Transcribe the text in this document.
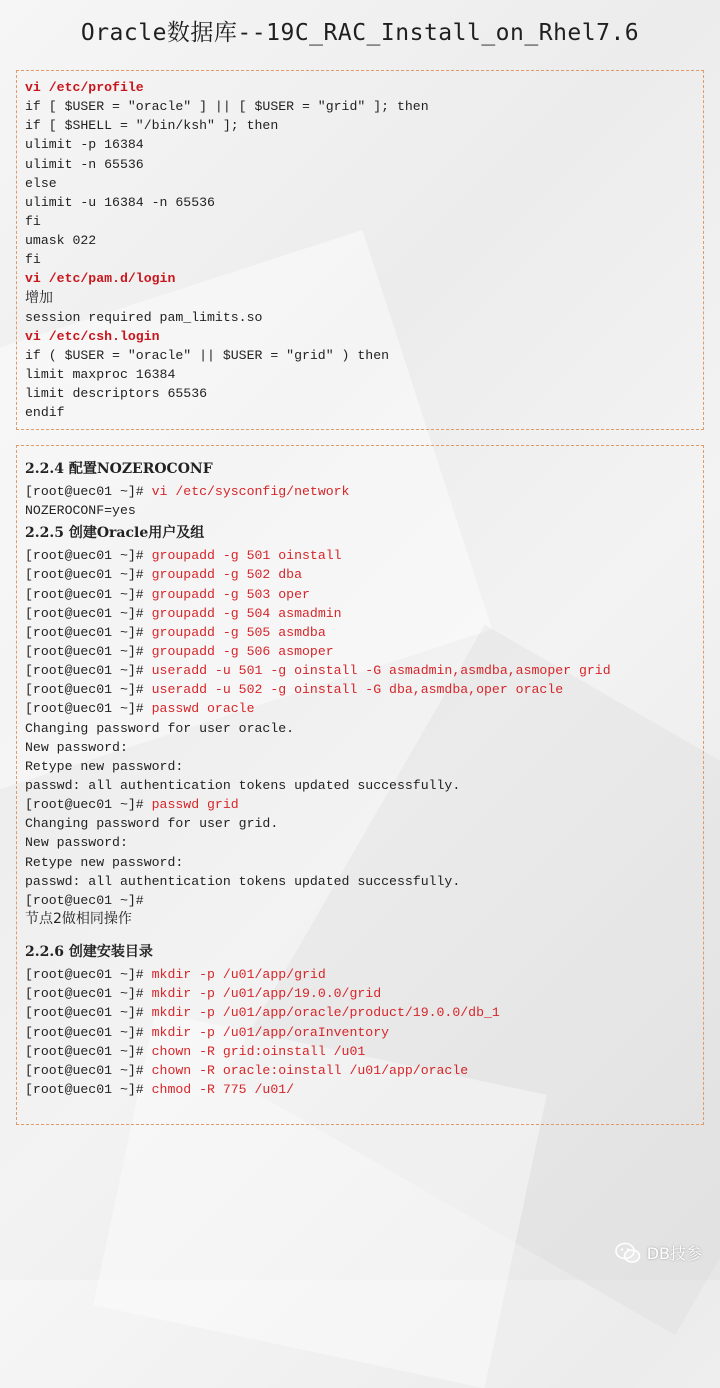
Oracle数据库--19C_RAC_Install_on_Rhel7.6
vi /etc/profile
if [ $USER = "oracle" ] || [ $USER = "grid" ]; then
if [ $SHELL = "/bin/ksh" ]; then
ulimit -p 16384
ulimit -n 65536
else
ulimit -u 16384 -n 65536
fi
umask 022
fi
vi /etc/pam.d/login
增加
session required pam_limits.so
vi /etc/csh.login
if ( $USER = "oracle" || $USER = "grid" ) then
limit maxproc 16384
limit descriptors 65536
endif
2.2.4 配置NOZEROCONF
[root@uec01 ~]# vi /etc/sysconfig/network
NOZEROCONF=yes
2.2.5 创建Oracle用户及组
[root@uec01 ~]# groupadd -g 501 oinstall
[root@uec01 ~]# groupadd -g 502 dba
[root@uec01 ~]# groupadd -g 503 oper
[root@uec01 ~]# groupadd -g 504 asmadmin
[root@uec01 ~]# groupadd -g 505 asmdba
[root@uec01 ~]# groupadd -g 506 asmoper
[root@uec01 ~]# useradd -u 501 -g oinstall -G asmadmin,asmdba,asmoper grid
[root@uec01 ~]# useradd -u 502 -g oinstall -G dba,asmdba,oper oracle
[root@uec01 ~]# passwd oracle
Changing password for user oracle.
New password:
Retype new password:
passwd: all authentication tokens updated successfully.
[root@uec01 ~]# passwd grid
Changing password for user grid.
New password:
Retype new password:
passwd: all authentication tokens updated successfully.
[root@uec01 ~]#
节点2做相同操作
2.2.6 创建安装目录
[root@uec01 ~]# mkdir -p /u01/app/grid
[root@uec01 ~]# mkdir -p /u01/app/19.0.0/grid
[root@uec01 ~]# mkdir -p /u01/app/oracle/product/19.0.0/db_1
[root@uec01 ~]# mkdir -p /u01/app/oraInventory
[root@uec01 ~]# chown -R grid:oinstall /u01
[root@uec01 ~]# chown -R oracle:oinstall /u01/app/oracle
[root@uec01 ~]# chmod -R 775 /u01/
DB技参
